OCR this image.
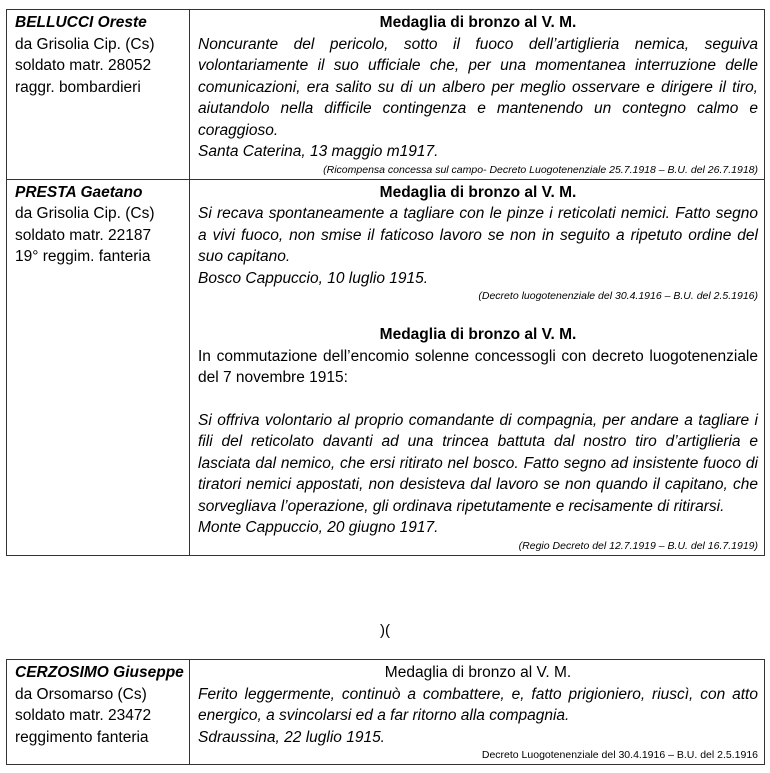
BELLUCCI Oreste
da Grisolia Cip. (Cs)
soldato matr. 28052
raggr. bombardieri
Medaglia di bronzo al V. M.
Noncurante del pericolo, sotto il fuoco dell’artiglieria nemica, seguiva volontariamente il suo ufficiale che, per una momentanea interruzione delle comunicazioni, era salito su di un albero per meglio osservare e dirigere il tiro, aiutandolo nella difficile contingenza e mantenendo un contegno calmo e coraggioso.
Santa Caterina, 13 maggio m1917.
(Ricompensa concessa sul campo- Decreto Luogotenenziale 25.7.1918 – B.U. del 26.7.1918)
PRESTA Gaetano
da Grisolia Cip. (Cs)
soldato matr. 22187
19° reggim. fanteria
Medaglia di bronzo al V. M.
Si recava spontaneamente a tagliare con le pinze i reticolati nemici. Fatto segno a vivi fuoco, non smise il faticoso lavoro se non in seguito a ripetuto ordine del suo capitano.
Bosco Cappuccio, 10 luglio 1915.
(Decreto luogotenenziale del 30.4.1916 – B.U. del 2.5.1916)
Medaglia di bronzo al V. M.
In commutazione dell’encomio solenne concessogli con decreto luogotenenziale del 7 novembre 1915:
Si offriva volontario al proprio comandante di compagnia, per andare a tagliare i fili del reticolato davanti ad una trincea battuta dal nostro tiro d’artiglieria e lasciata dal nemico, che ersi ritirato nel bosco. Fatto segno ad insistente fuoco di tiratori nemici appostati, non desisteva dal lavoro se non quando il capitano, che sorvegliava l’operazione, gli ordinava ripetutamente e recisamente di ritirarsi.
Monte Cappuccio, 20 giugno 1917.
(Regio Decreto del 12.7.1919 – B.U. del 16.7.1919)
)(
CERZOSIMO Giuseppe
da Orsomarso (Cs)
soldato matr. 23472
reggimento fanteria
Medaglia di bronzo al V. M.
Ferito leggermente, continuò a combattere, e, fatto prigioniero, riuscì, con atto energico, a svincolarsi ed a far ritorno alla compagnia.
Sdraussina, 22 luglio 1915.
Decreto Luogotenenziale del 30.4.1916 – B.U. del 2.5.1916
